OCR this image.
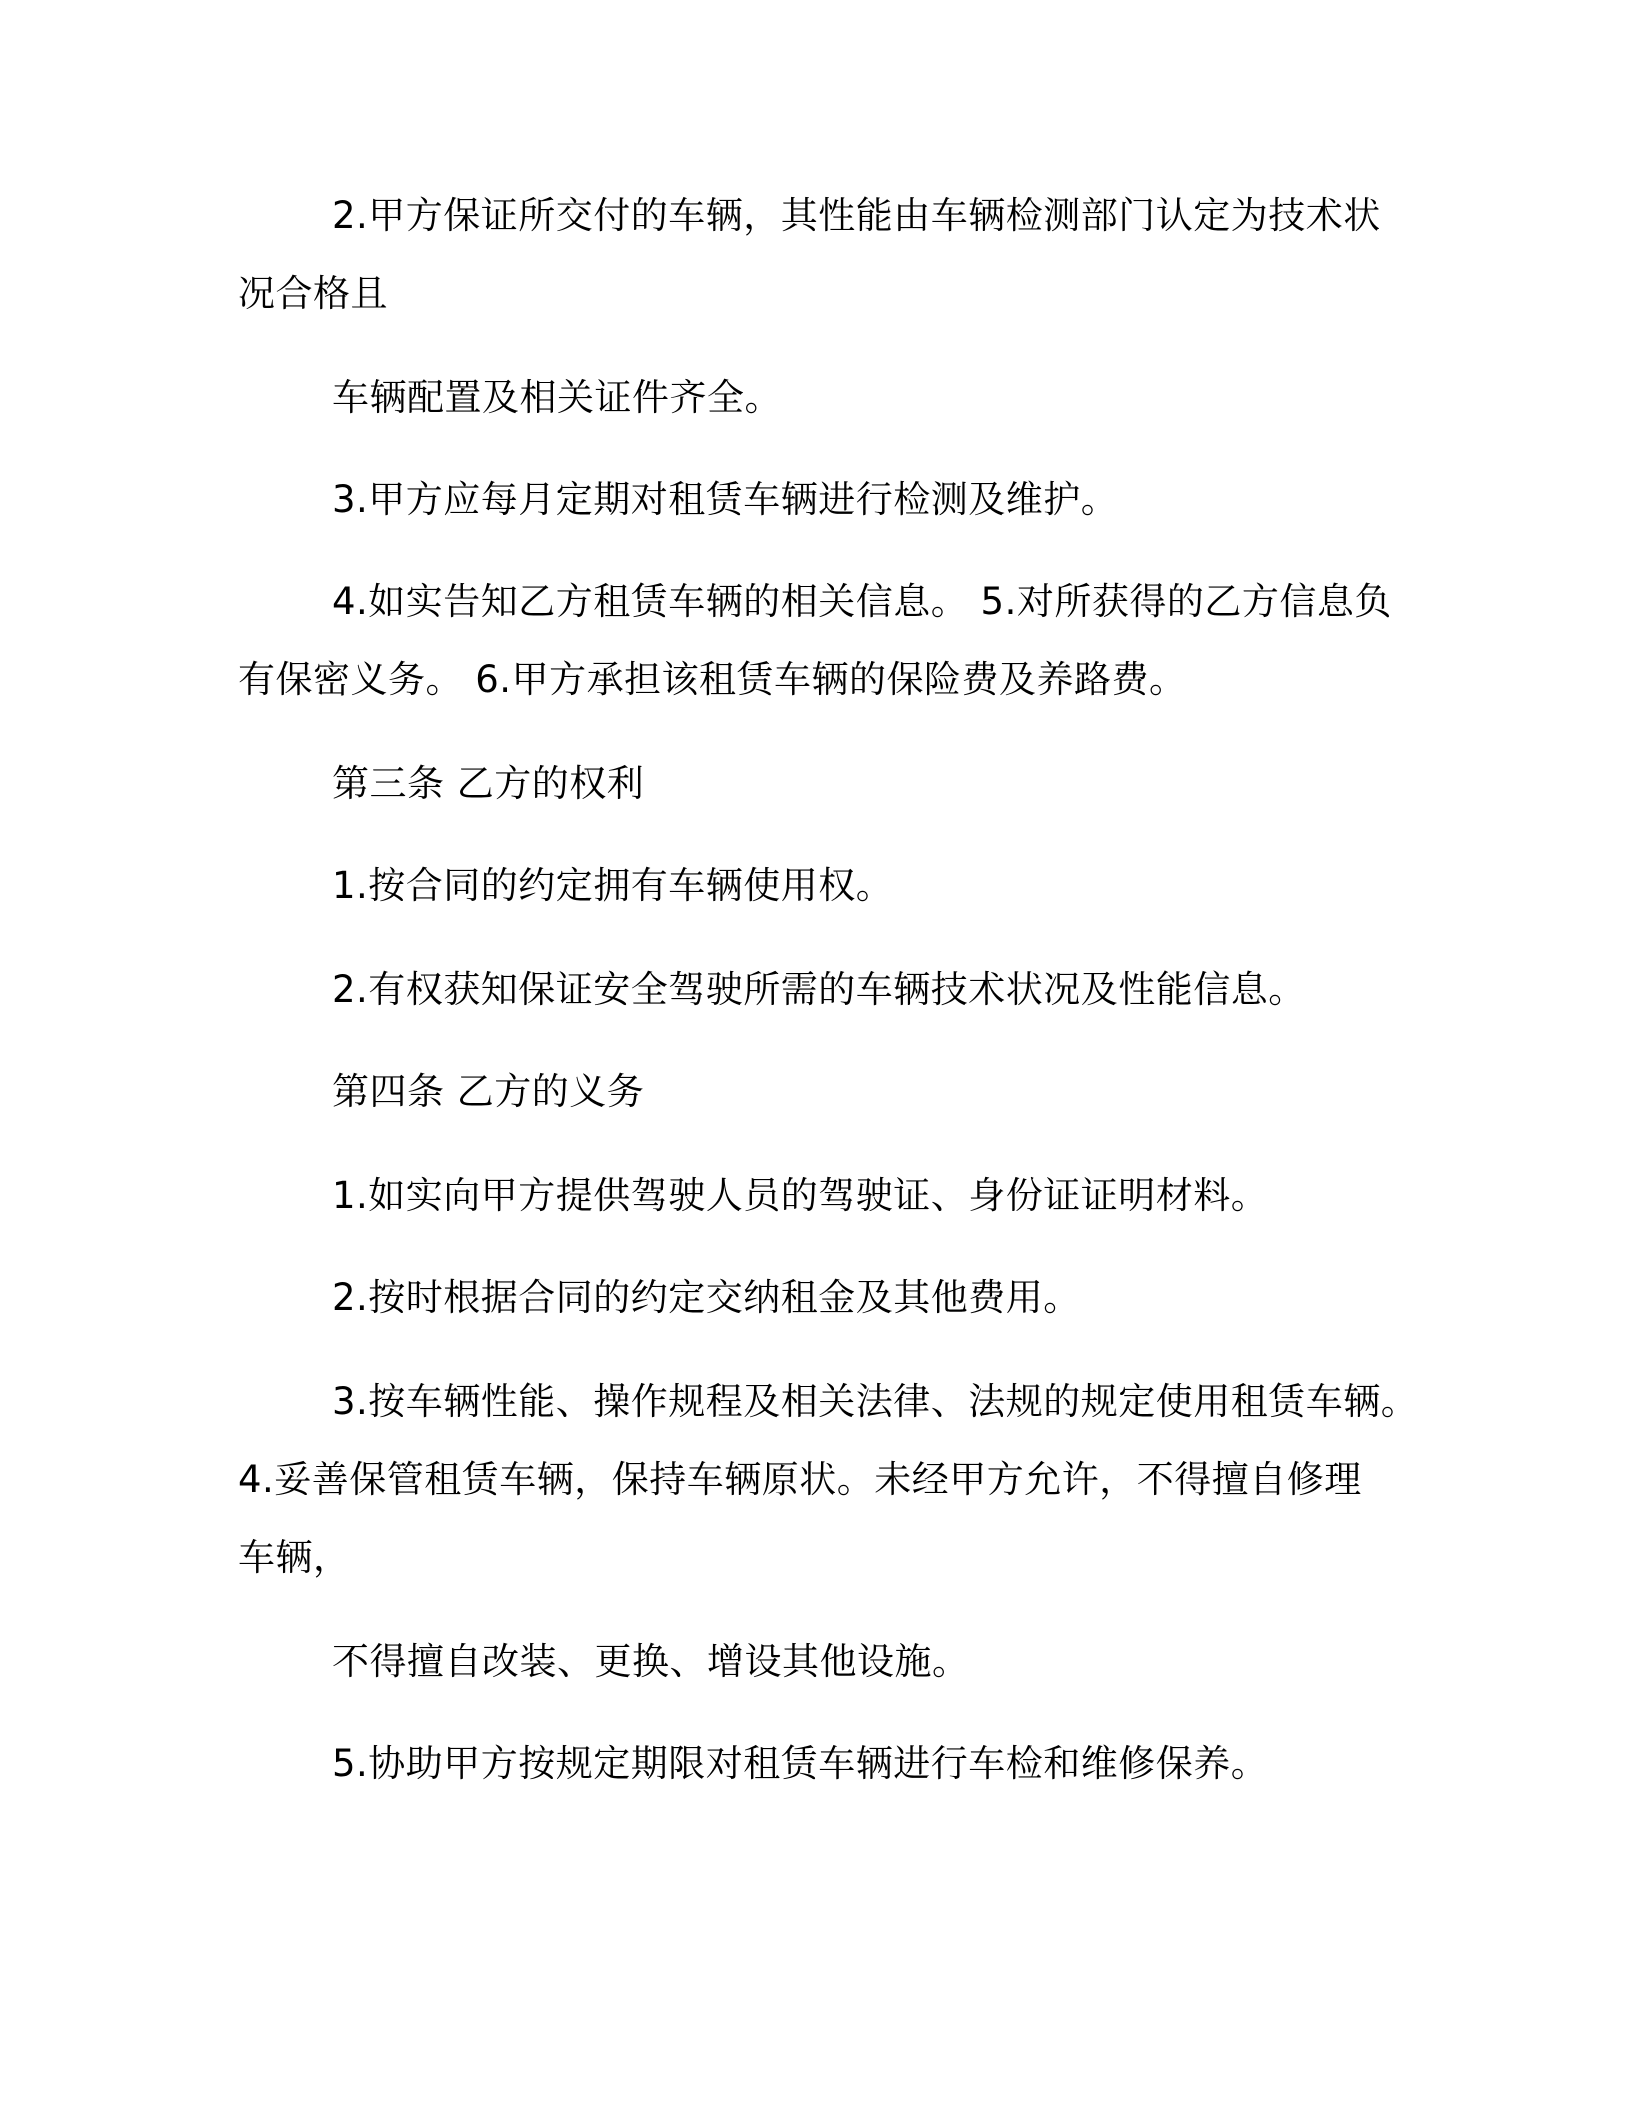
2.甲方保证所交付的车辆，其性能由车辆检测部门认定为技术状

况合格且

车辆配置及相关证件齐全。

3.甲方应每月定期对租赁车辆进行检测及维护。

4.如实告知乙方租赁车辆的相关信息。 5.对所获得的乙方信息负

有保密义务。 6.甲方承担该租赁车辆的保险费及养路费。

第三条 乙方的权利

1.按合同的约定拥有车辆使用权。

2.有权获知保证安全驾驶所需的车辆技术状况及性能信息。

第四条 乙方的义务

1.如实向甲方提供驾驶人员的驾驶证、身份证证明材料。

2.按时根据合同的约定交纳租金及其他费用。

3.按车辆性能、操作规程及相关法律、法规的规定使用租赁车辆。

4.妥善保管租赁车辆，保持车辆原状。未经甲方允许，不得擅自修理

车辆，

不得擅自改装、更换、增设其他设施。

5.协助甲方按规定期限对租赁车辆进行车检和维修保养。
